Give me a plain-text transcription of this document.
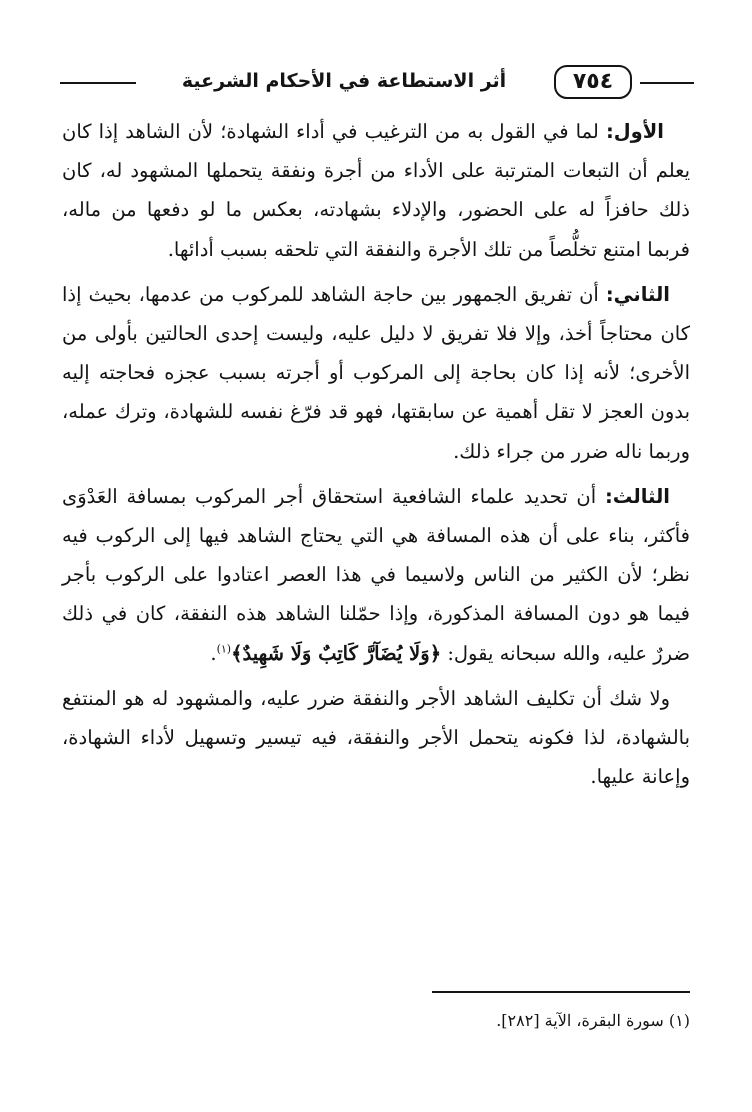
٧٥٤
أثر الاستطاعة في الأحكام الشرعية

الأول: لما في القول به من الترغيب في أداء الشهادة؛ لأن الشاهد إذا كان يعلم أن التبعات المترتبة على الأداء من أجرة ونفقة يتحملها المشهود له، كان ذلك حافزاً له على الحضور، والإدلاء بشهادته، بعكس ما لو دفعها من ماله، فربما امتنع تخلُّصاً من تلك الأجرة والنفقة التي تلحقه بسبب أدائها.

الثاني: أن تفريق الجمهور بين حاجة الشاهد للمركوب من عدمها، بحيث إذا كان محتاجاً أخذ، وإلا فلا تفريق لا دليل عليه، وليست إحدى الحالتين بأولى من الأخرى؛ لأنه إذا كان بحاجة إلى المركوب أو أجرته بسبب عجزه فحاجته إليه بدون العجز لا تقل أهمية عن سابقتها، فهو قد فرّغ نفسه للشهادة، وترك عمله، وربما ناله ضرر من جراء ذلك.

الثالث: أن تحديد علماء الشافعية استحقاق أجر المركوب بمسافة العَدْوَى فأكثر، بناء على أن هذه المسافة هي التي يحتاج الشاهد فيها إلى الركوب فيه نظر؛ لأن الكثير من الناس ولاسيما في هذا العصر اعتادوا على الركوب بأجر فيما هو دون المسافة المذكورة، وإذا حمّلنا الشاهد هذه النفقة، كان في ذلك ضررٌ عليه، والله سبحانه يقول: ﴿وَلَا يُضَآرَّ كَاتِبٌ وَلَا شَهِيدٌ﴾$^{(١)}$.

ولا شك أن تكليف الشاهد الأجر والنفقة ضرر عليه، والمشهود له هو المنتفع بالشهادة، لذا فكونه يتحمل الأجر والنفقة، فيه تيسير وتسهيل لأداء الشهادة، وإعانة عليها.

(١) سورة البقرة، الآية [٢٨٢].
